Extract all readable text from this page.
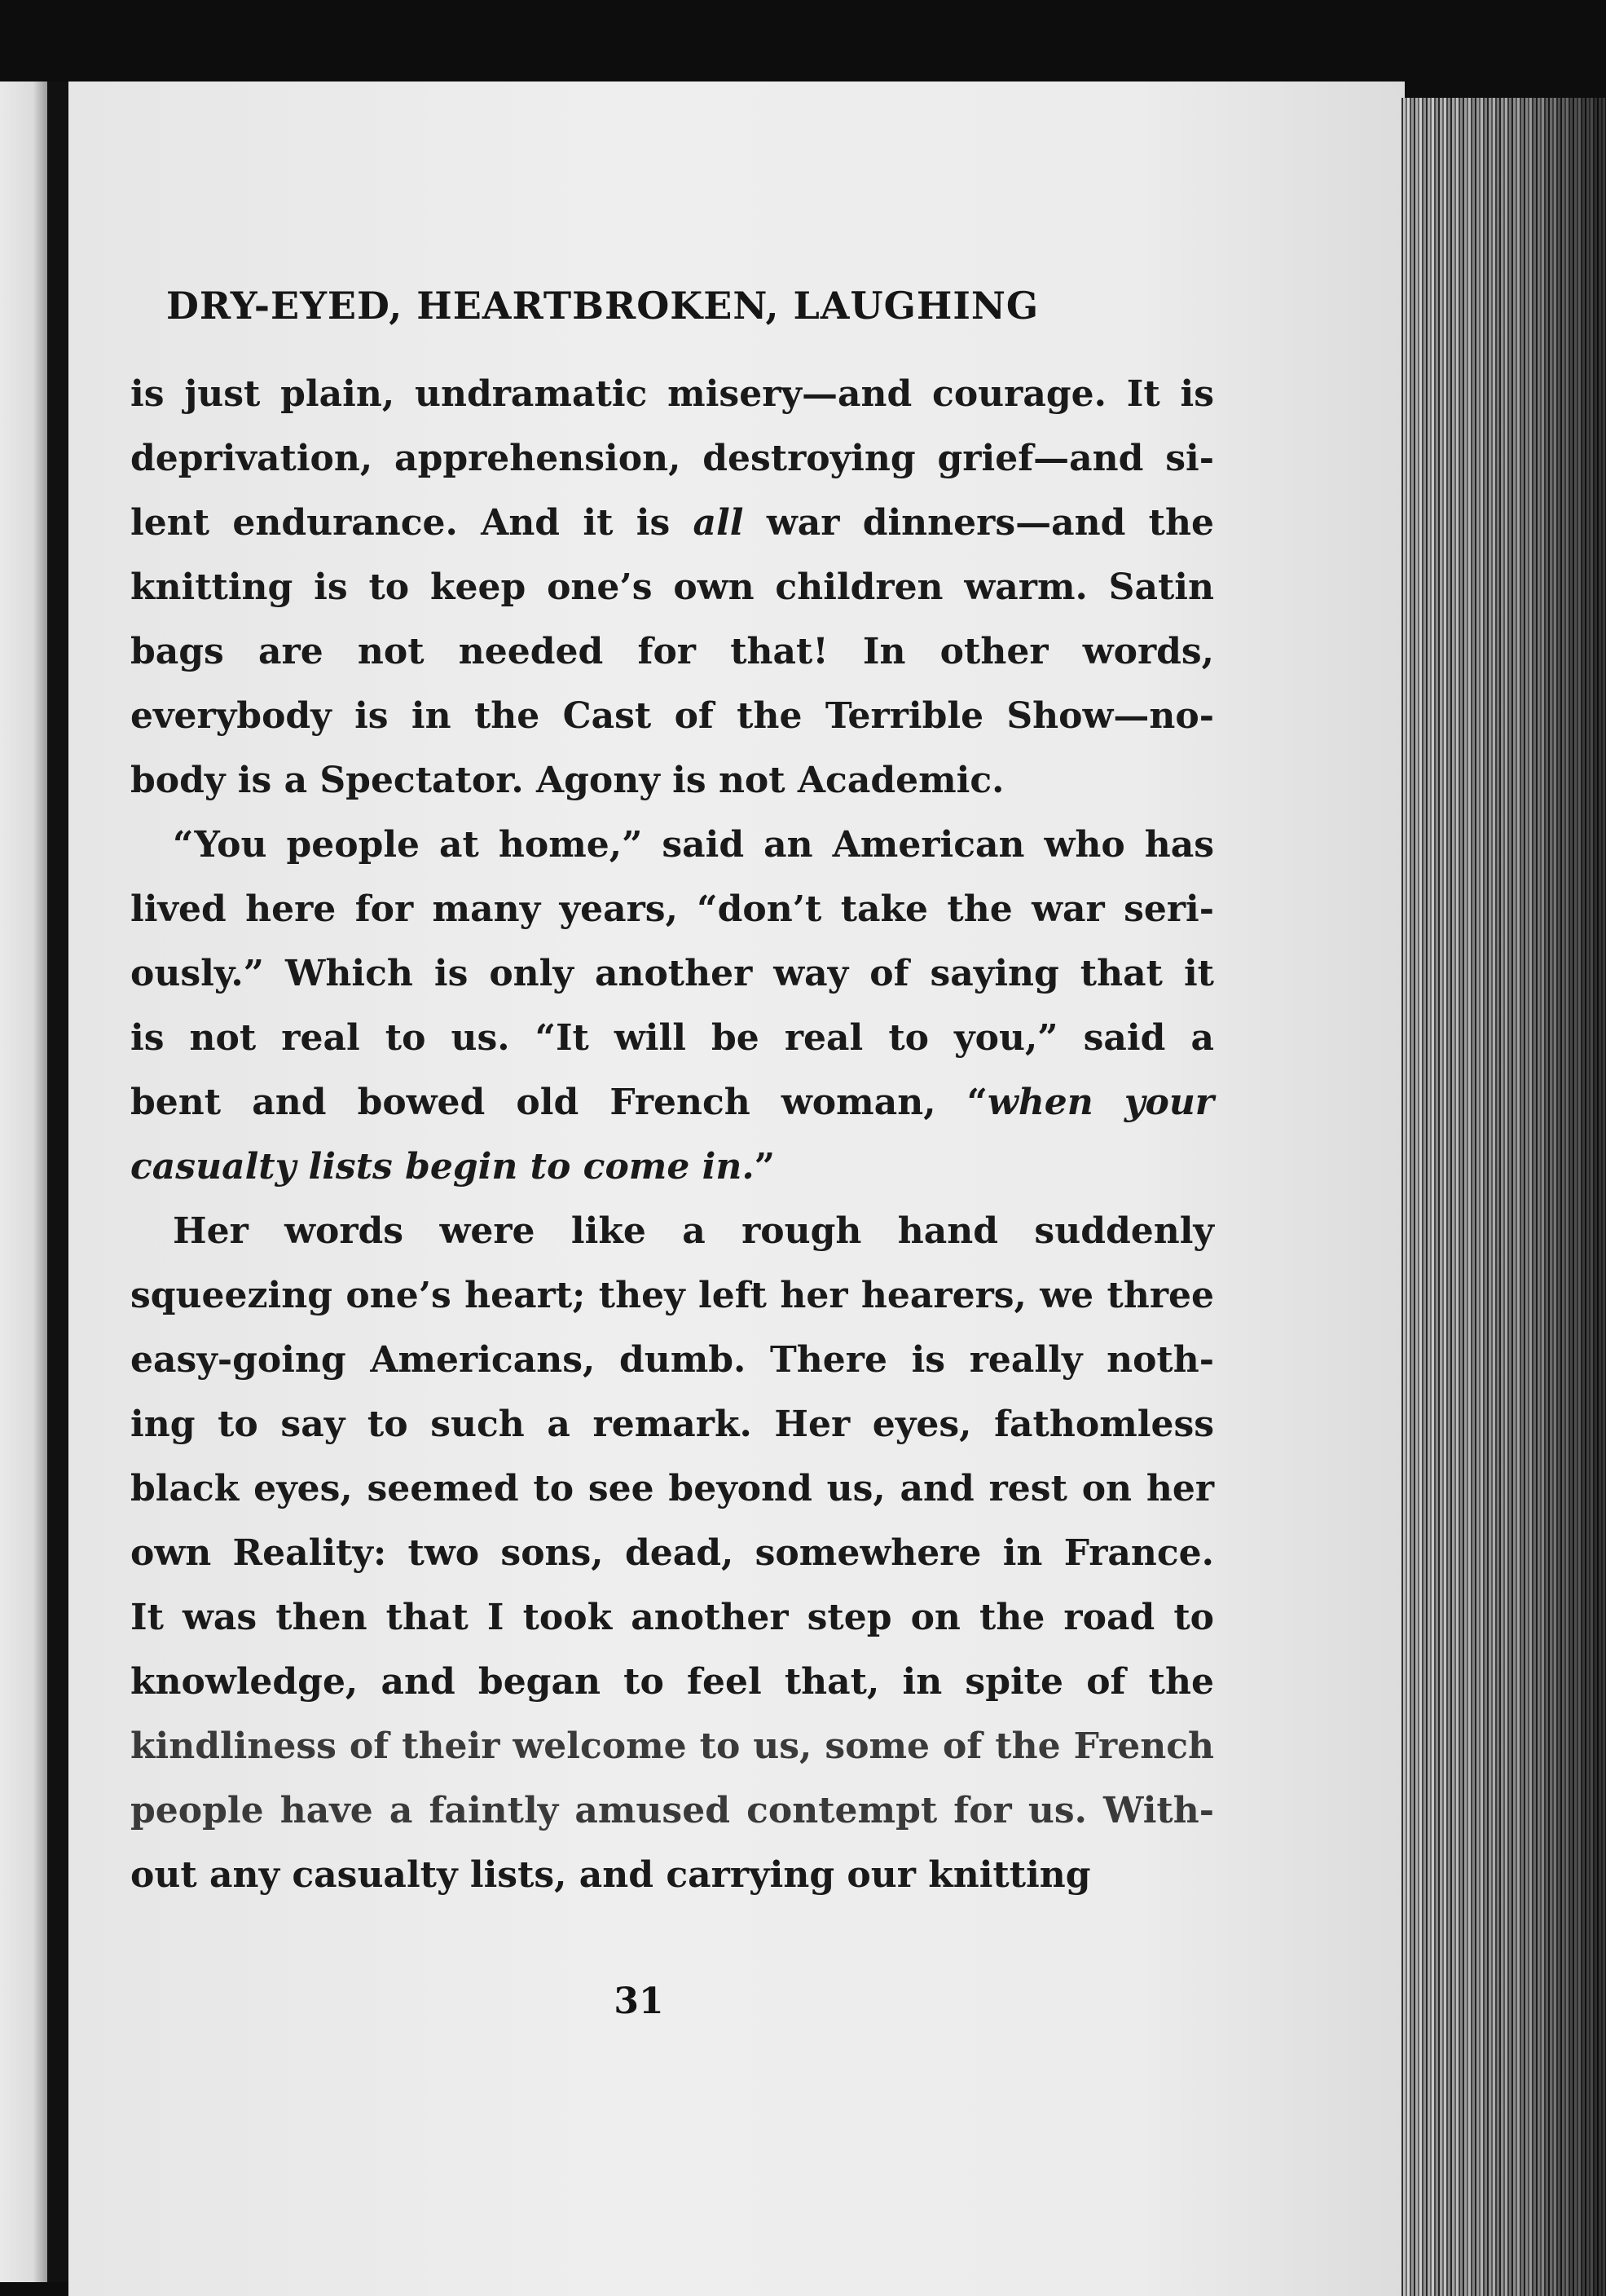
DRY-EYED, HEARTBROKEN, LAUGHING
is just plain, undramatic misery—and courage. It is
deprivation, apprehension, destroying grief—and si-
lent endurance. And it is all war dinners—and the
knitting is to keep one’s own children warm. Satin
bags are not needed for that! In other words,
everybody is in the Cast of the Terrible Show—no-
body is a Spectator. Agony is not Academic.
“You people at home,” said an American who has
lived here for many years, “don’t take the war seri-
ously.” Which is only another way of saying that it
is not real to us. “It will be real to you,” said a
bent and bowed old French woman, “when your
casualty lists begin to come in.”
Her words were like a rough hand suddenly
squeezing one’s heart; they left her hearers, we three
easy-going Americans, dumb. There is really noth-
ing to say to such a remark. Her eyes, fathomless
black eyes, seemed to see beyond us, and rest on her
own Reality: two sons, dead, somewhere in France.
It was then that I took another step on the road to
knowledge, and began to feel that, in spite of the
kindliness of their welcome to us, some of the French
people have a faintly amused contempt for us. With-
out any casualty lists, and carrying our knitting

31
